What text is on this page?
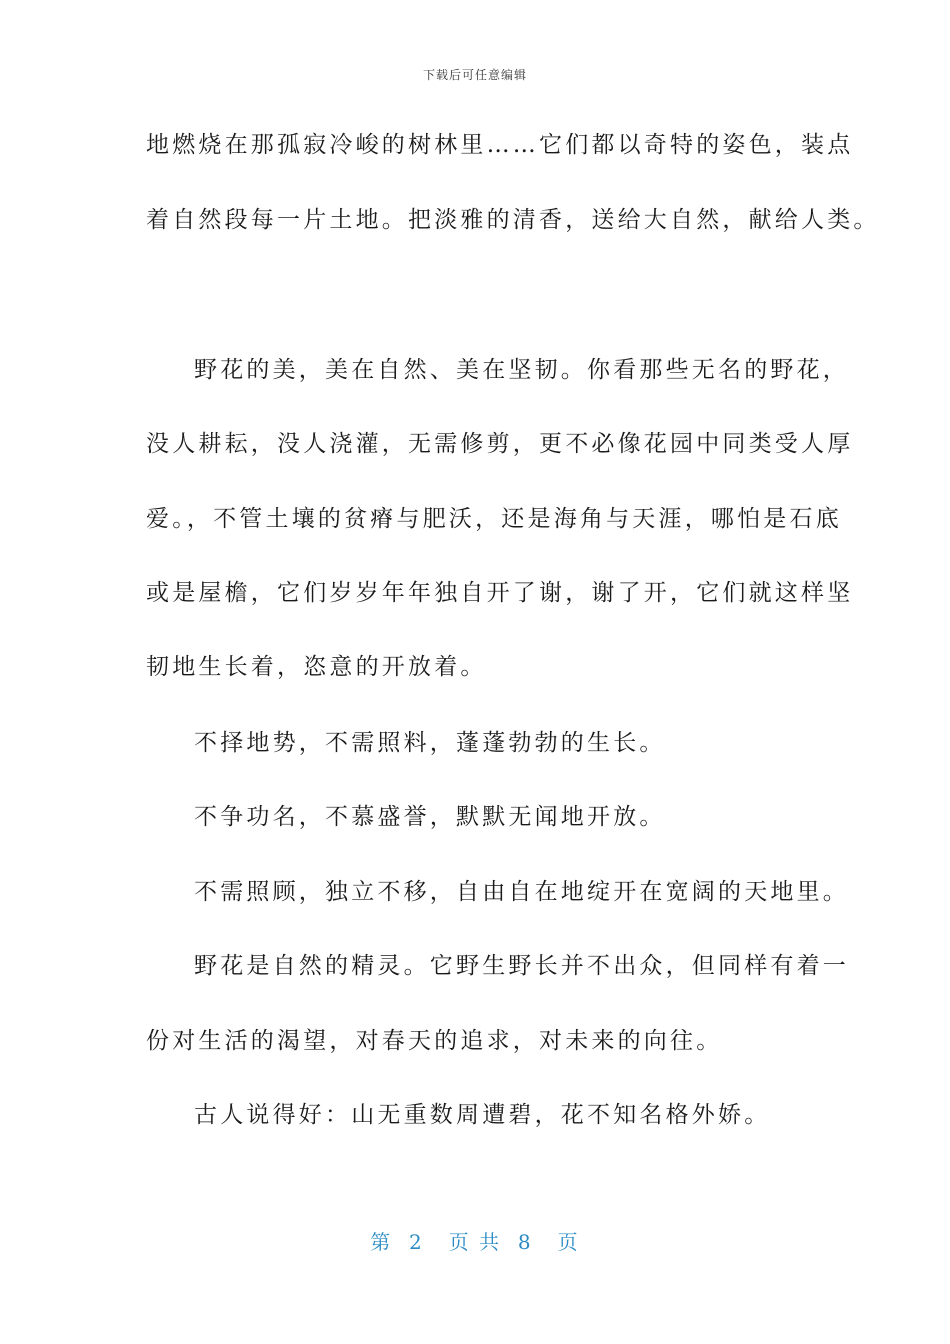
下载后可任意编辑
地燃烧在那孤寂冷峻的树林里……它们都以奇特的姿色，装点
着自然段每一片土地。把淡雅的清香，送给大自然，献给人类。
野花的美，美在自然、美在坚韧。你看那些无名的野花，
没人耕耘，没人浇灌，无需修剪，更不必像花园中同类受人厚
爱。，不管土壤的贫瘠与肥沃，还是海角与天涯，哪怕是石底
或是屋檐，它们岁岁年年独自开了谢，谢了开，它们就这样坚
韧地生长着，恣意的开放着。
不择地势，不需照料，蓬蓬勃勃的生长。
不争功名，不慕盛誉，默默无闻地开放。
不需照顾，独立不移，自由自在地绽开在宽阔的天地里。
野花是自然的精灵。它野生野长并不出众，但同样有着一
份对生活的渴望，对春天的追求，对未来的向往。
古人说得好：山无重数周遭碧，花不知名格外娇。
第  2   页 共  8   页
